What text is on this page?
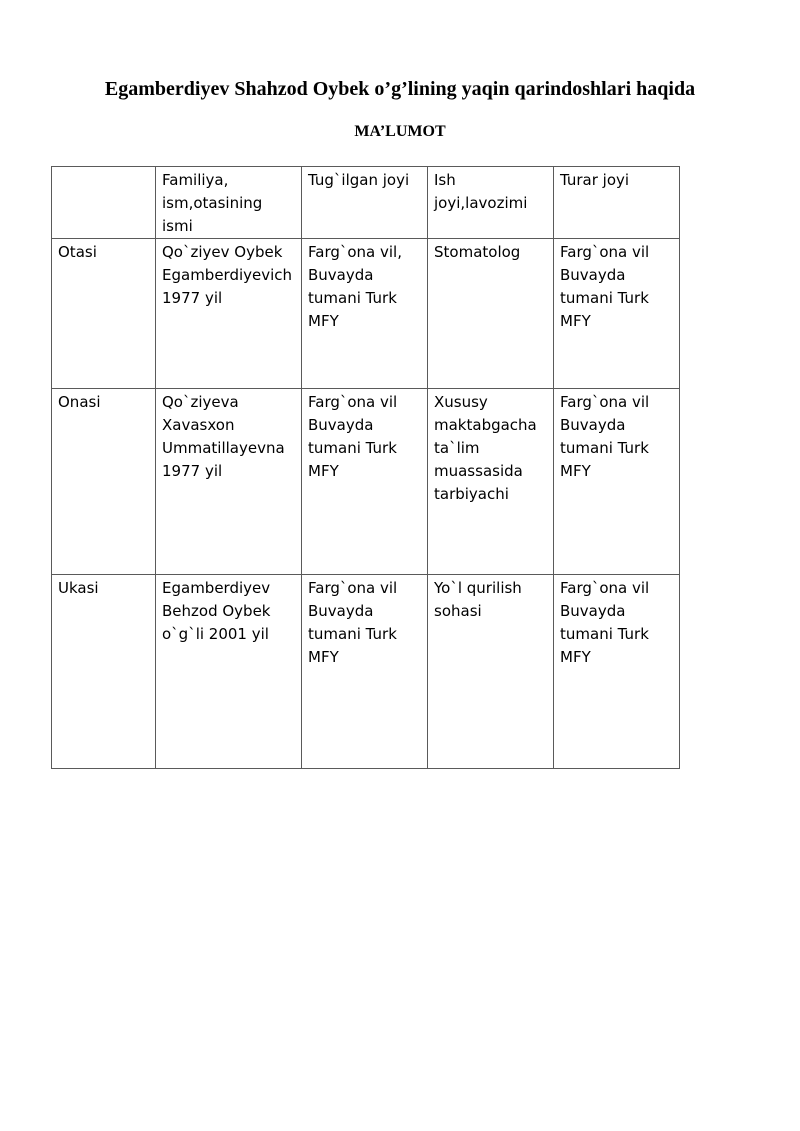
Egamberdiyev Shahzod Oybek o’g’lining yaqin qarindoshlari haqida
MA’LUMOT
	Familiya, ism,otasining ismi	Tug`ilgan joyi	Ish joyi,lavozimi	Turar joyi
Otasi	Qo`ziyev Oybek Egamberdiyevich 1977 yil	Farg`ona vil, Buvayda tumani Turk MFY	Stomatolog	Farg`ona vil Buvayda tumani Turk MFY
Onasi	Qo`ziyeva Xavasxon Ummatillayevna 1977 yil	Farg`ona vil Buvayda tumani Turk MFY	Xususy maktabgacha ta`lim muassasida tarbiyachi	Farg`ona vil Buvayda tumani Turk MFY
Ukasi	Egamberdiyev Behzod Oybek o`g`li 2001 yil	Farg`ona vil Buvayda tumani Turk MFY	Yo`l qurilish sohasi	Farg`ona vil Buvayda tumani Turk MFY
